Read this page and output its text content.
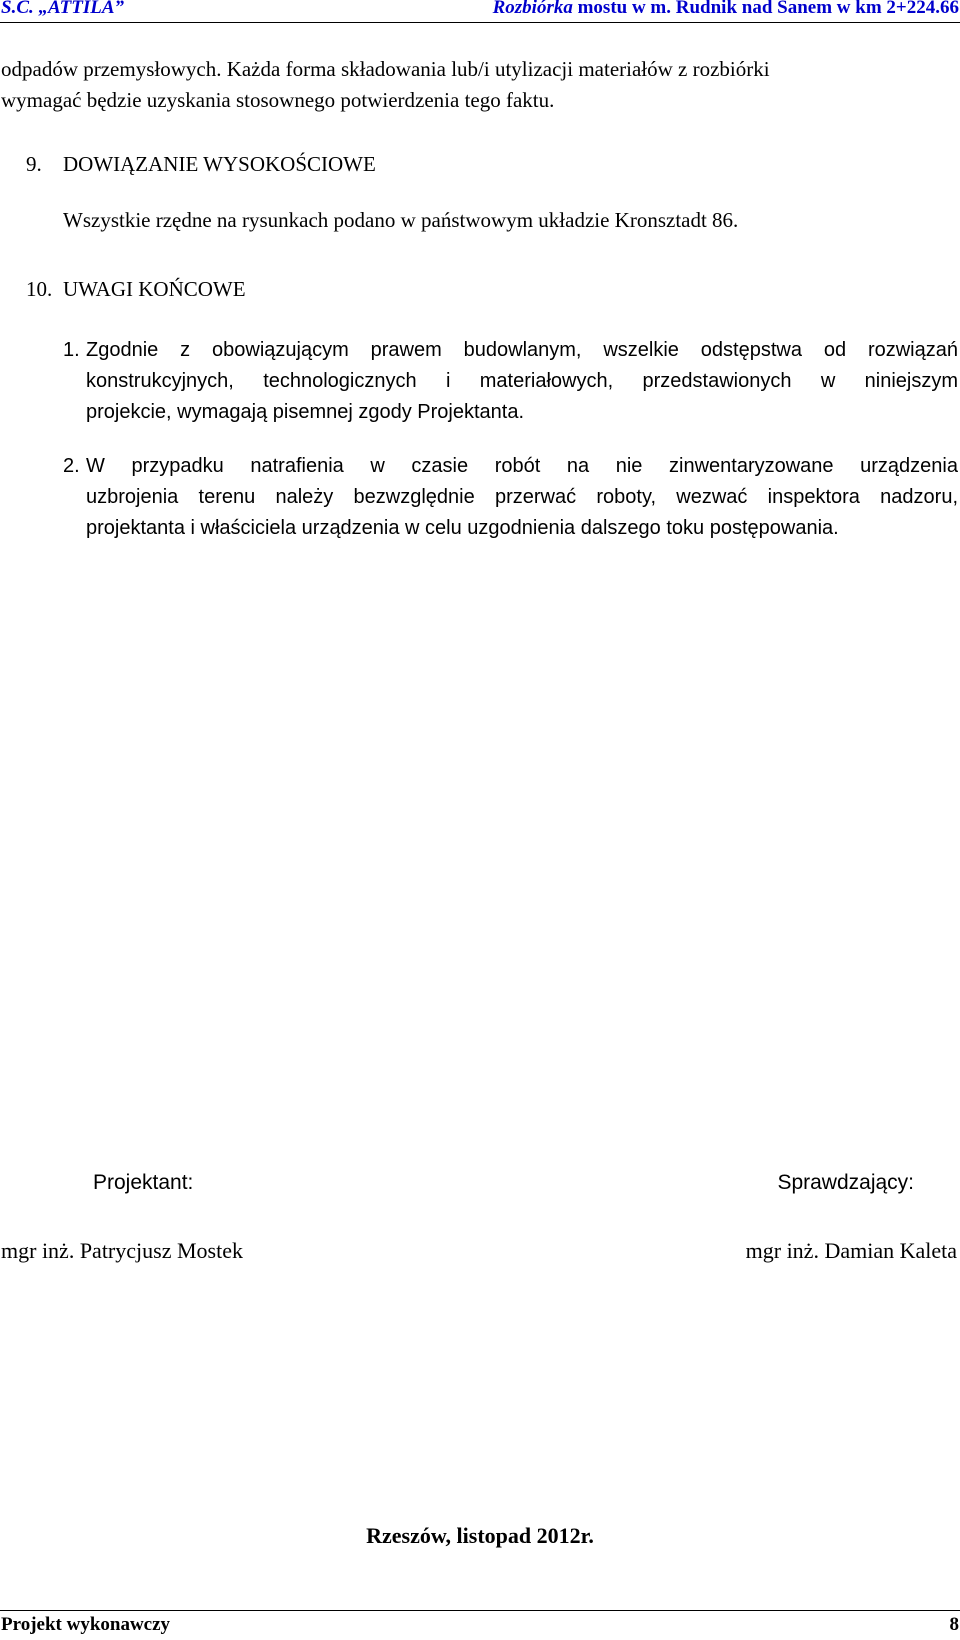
S.C. „ATTILA”	Rozbiórka mostu w m. Rudnik nad Sanem w km 2+224.66
odpadów przemysłowych. Każda forma składowania lub/i utylizacji materiałów z rozbiórki
wymagać będzie uzyskania stosownego potwierdzenia tego faktu.
9. DOWIĄZANIE WYSOKOŚCIOWE
Wszystkie rzędne na rysunkach podano w państwowym układzie Kronsztadt 86.
10. UWAGI KOŃCOWE
1. Zgodnie z obowiązującym prawem budowlanym, wszelkie odstępstwa od rozwiązań
konstrukcyjnych, technologicznych i materiałowych, przedstawionych w niniejszym
projekcie, wymagają pisemnej zgody Projektanta.
2. W przypadku natrafienia w czasie robót na nie zinwentaryzowane urządzenia
uzbrojenia terenu należy bezwzględnie przerwać roboty, wezwać inspektora nadzoru,
projektanta i właściciela urządzenia w celu uzgodnienia dalszego toku postępowania.
Projektant:
mgr inż. Patrycjusz Mostek
Sprawdzający:
mgr inż. Damian Kaleta
Rzeszów, listopad 2012r.
Projekt wykonawczy	8
